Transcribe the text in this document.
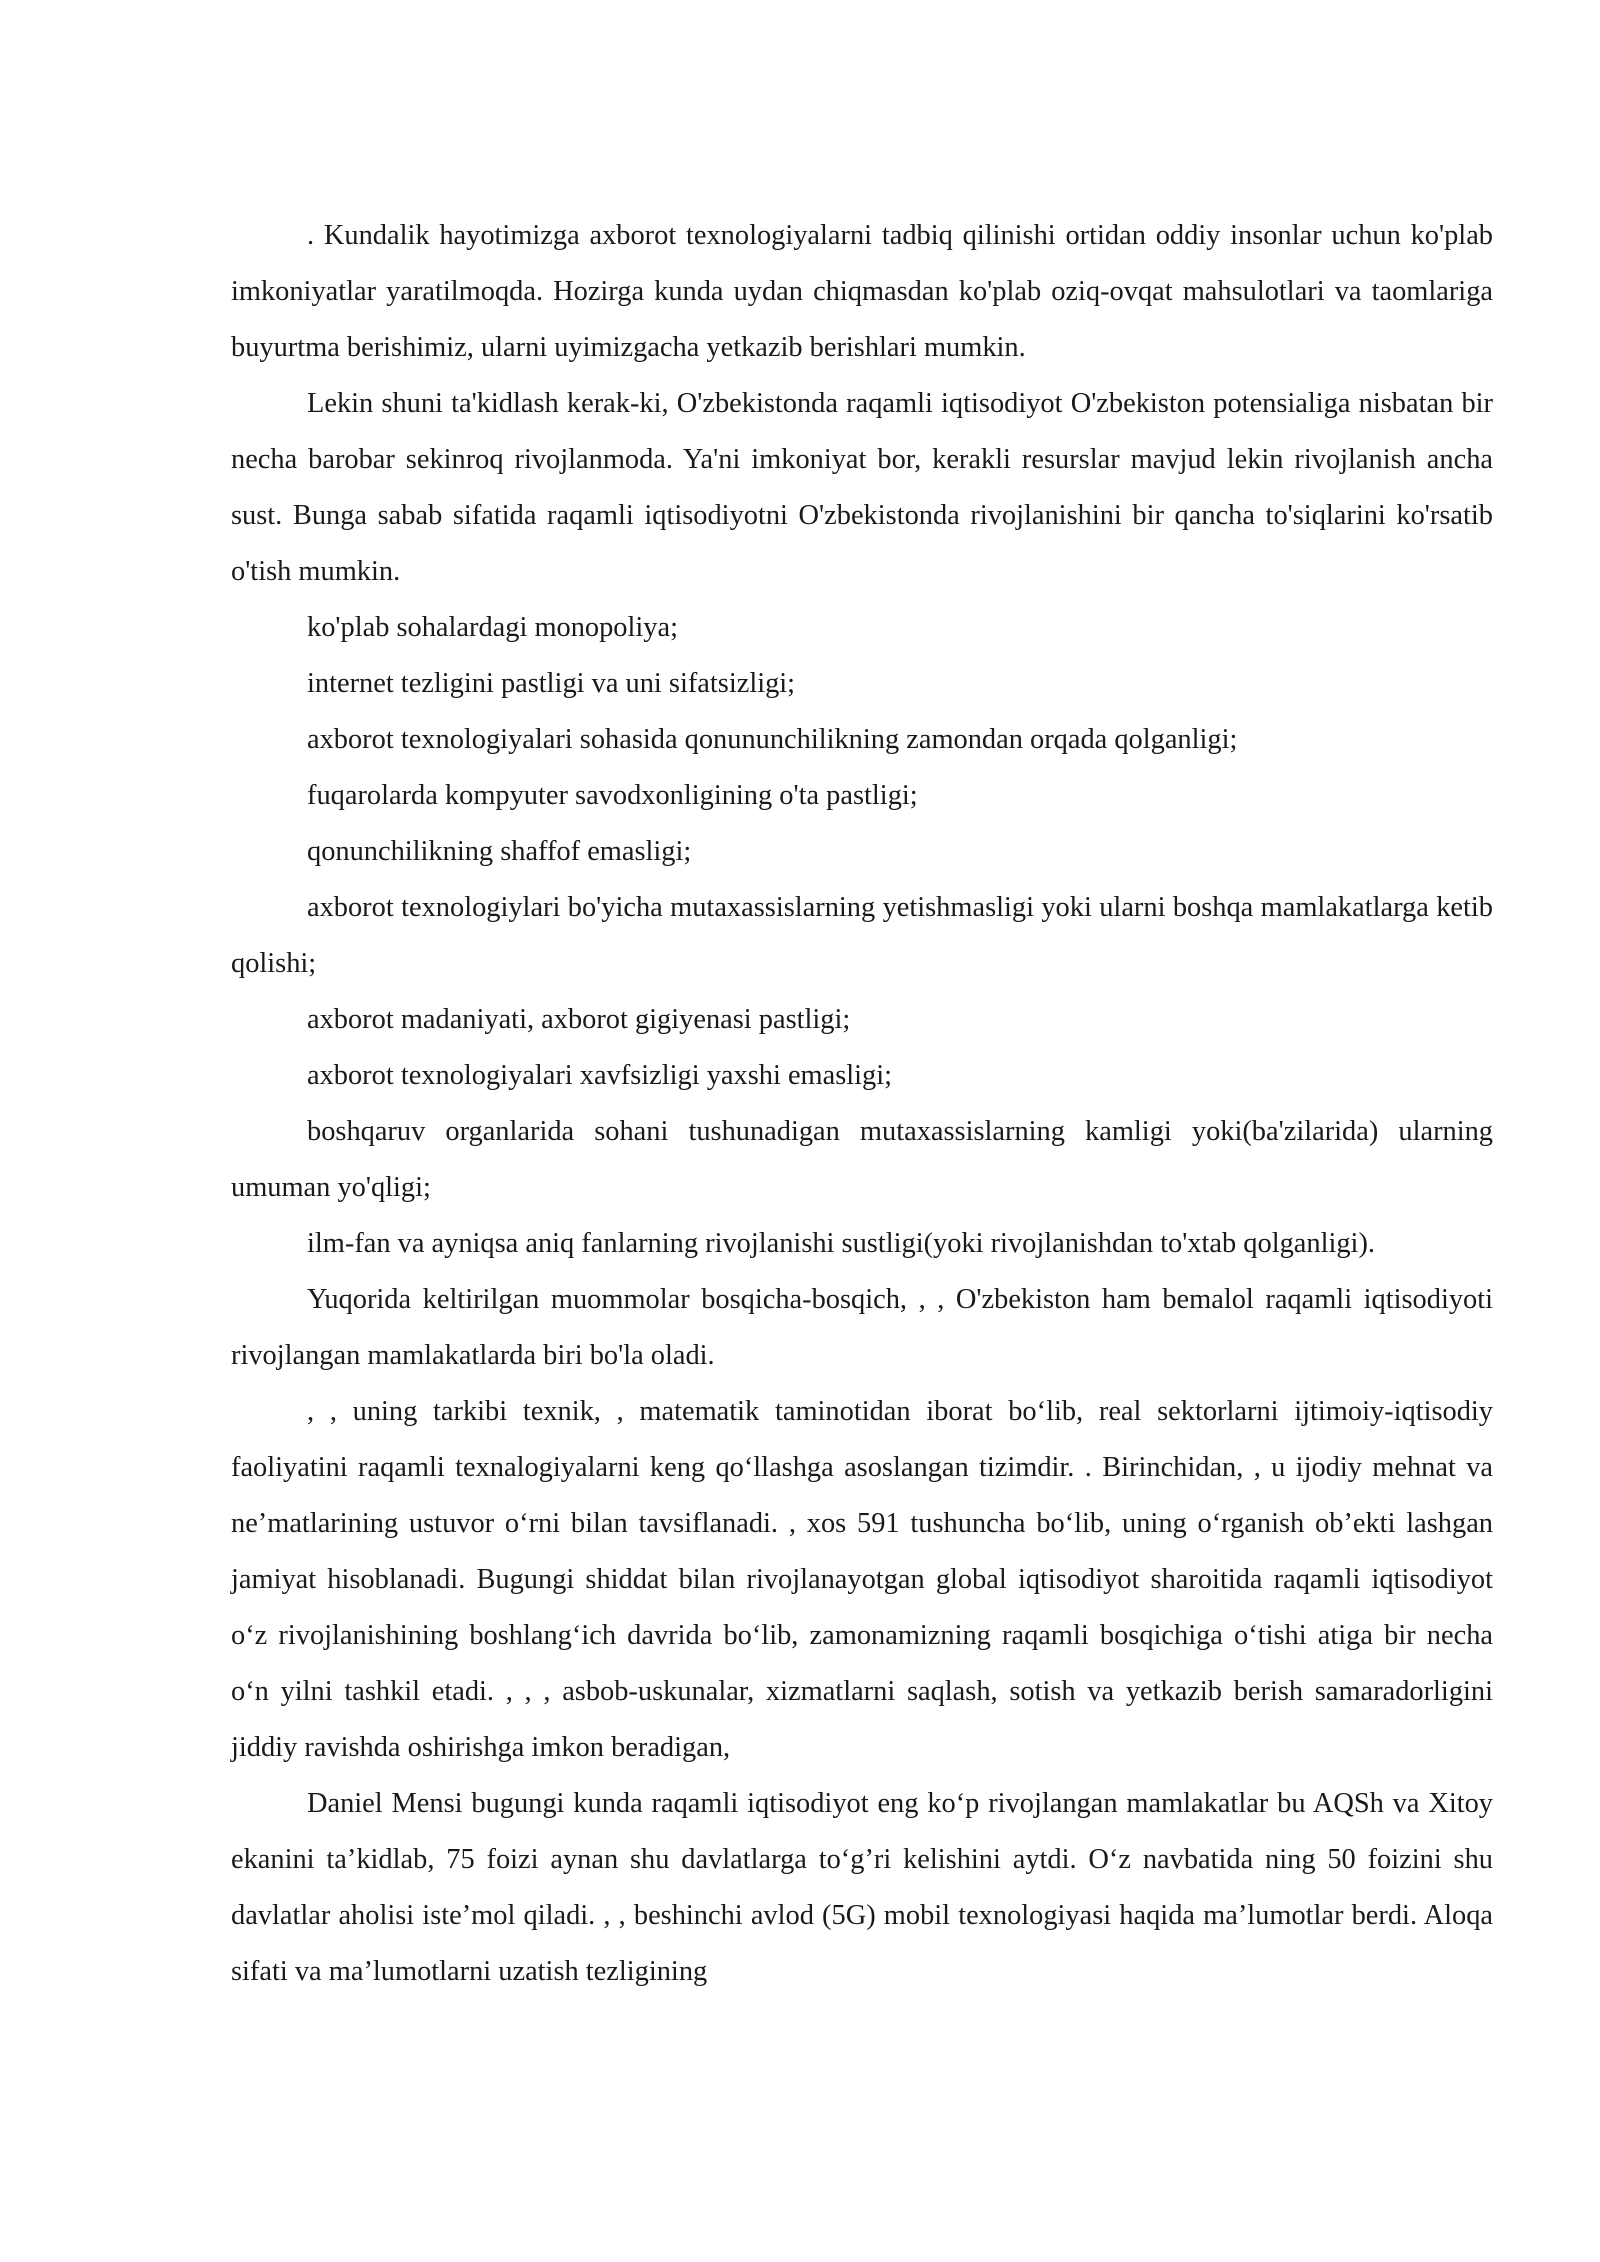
. Kundalik hayotimizga axborot texnologiyalarni tadbiq qilinishi ortidan oddiy insonlar uchun ko'plab imkoniyatlar yaratilmoqda. Hozirga kunda uydan chiqmasdan ko'plab oziq-ovqat mahsulotlari va taomlariga buyurtma berishimiz, ularni uyimizgacha yetkazib berishlari mumkin.

Lekin shuni ta'kidlash kerak-ki, O'zbekistonda raqamli iqtisodiyot O'zbekiston potensialiga nisbatan bir necha barobar sekinroq rivojlanmoda. Ya'ni imkoniyat bor, kerakli resurslar mavjud lekin rivojlanish ancha sust. Bunga sabab sifatida raqamli iqtisodiyotni O'zbekistonda rivojlanishini bir qancha to'siqlarini ko'rsatib o'tish mumkin.

ko'plab sohalardagi monopoliya;

internet tezligini pastligi va uni sifatsizligi;

axborot texnologiyalari sohasida qonununchilikning zamondan orqada qolganligi;

fuqarolarda kompyuter savodxonligining o'ta pastligi;

qonunchilikning shaffof emasligi;

axborot texnologiylari bo'yicha mutaxassislarning yetishmasligi yoki ularni boshqa mamlakatlarga ketib qolishi;

axborot madaniyati, axborot gigiyenasi pastligi;

axborot texnologiyalari xavfsizligi yaxshi emasligi;

boshqaruv organlarida sohani tushunadigan mutaxassislarning kamligi yoki(ba'zilarida) ularning umuman yo'qligi;

ilm-fan va ayniqsa aniq fanlarning rivojlanishi sustligi(yoki rivojlanishdan to'xtab qolganligi).

Yuqorida keltirilgan muommolar bosqicha-bosqich, , , O'zbekiston ham bemalol raqamli iqtisodiyoti rivojlangan mamlakatlarda biri bo'la oladi.

, , uning tarkibi texnik, , matematik taminotidan iborat bo‘lib, real sektorlarni ijtimoiy-iqtisodiy faoliyatini raqamli texnalogiyalarni keng qo‘llashga asoslangan tizimdir. . Birinchidan, , u ijodiy mehnat va ne’matlarining ustuvor o‘rni bilan tavsiflanadi. , xos 591 tushuncha bo‘lib, uning o‘rganish ob’ekti lashgan jamiyat hisoblanadi. Bugungi shiddat bilan rivojlanayotgan global iqtisodiyot sharoitida raqamli iqtisodiyot o‘z rivojlanishining boshlang‘ich davrida bo‘lib, zamonamizning raqamli bosqichiga o‘tishi atiga bir necha o‘n yilni tashkil etadi. , , , asbob-uskunalar, xizmatlarni saqlash, sotish va yetkazib berish samaradorligini jiddiy ravishda oshirishga imkon beradigan,

Daniel Mensi bugungi kunda raqamli iqtisodiyot eng ko‘p rivojlangan mamlakatlar bu AQSh va Xitoy ekanini ta’kidlab, 75 foizi aynan shu davlatlarga to‘g’ri kelishini aytdi. O‘z navbatida ning 50 foizini shu davlatlar aholisi iste’mol qiladi. , , beshinchi avlod (5G) mobil texnologiyasi haqida ma’lumotlar berdi. Aloqa sifati va ma’lumotlarni uzatish tezligining
